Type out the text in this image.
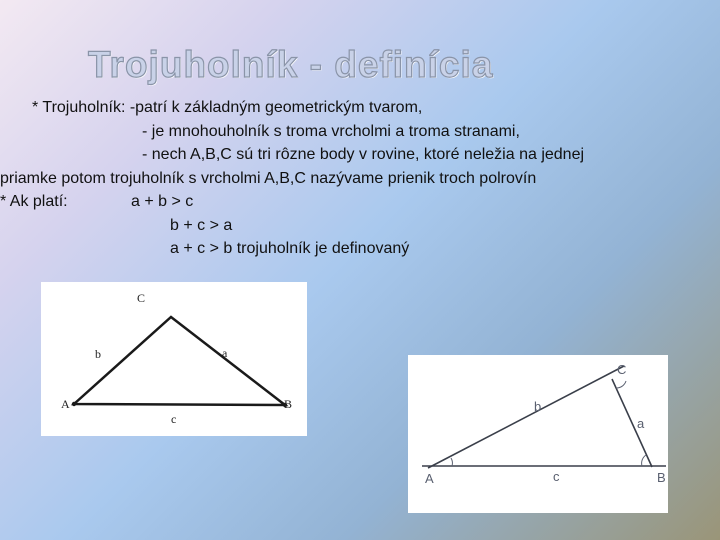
Trojuholník - definícia
* Trojuholník: -patrí k základným geometrickým tvarom,
- je mnohouholník s troma vrcholmi a troma stranami,
- nech A,B,C sú tri rôzne body v rovine, ktoré neležia na jednej
priamke potom trojuholník s vrcholmi A,B,C nazývame prienik troch polrovín
* Ak platí:	a + b > c
b + c > a
a + c > b trojuholník je definovaný
C
A	B
b	a
c
C
A	B
b
a
c
